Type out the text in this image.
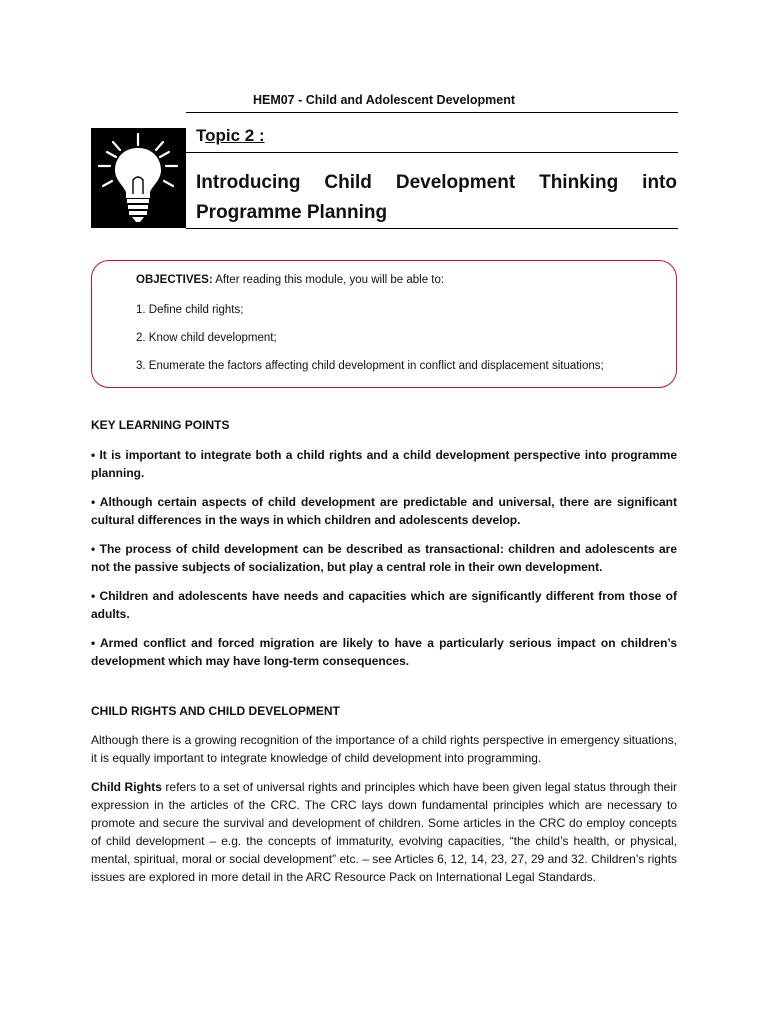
HEM07 - Child and Adolescent Development
Topic 2 :
Introducing Child Development Thinking into Programme Planning
OBJECTIVES: After reading this module, you will be able to:
1. Define child rights;
2. Know child development;
3. Enumerate the factors affecting child development in conflict and displacement situations;

KEY LEARNING POINTS

• It is important to integrate both a child rights and a child development perspective into programme planning.

• Although certain aspects of child development are predictable and universal, there are significant cultural differences in the ways in which children and adolescents develop.

• The process of child development can be described as transactional: children and adolescents are not the passive subjects of socialization, but play a central role in their own development.

• Children and adolescents have needs and capacities which are significantly different from those of adults.

• Armed conflict and forced migration are likely to have a particularly serious impact on children’s development which may have long-term consequences.

CHILD RIGHTS AND CHILD DEVELOPMENT

Although there is a growing recognition of the importance of a child rights perspective in emergency situations, it is equally important to integrate knowledge of child development into programming.

Child Rights refers to a set of universal rights and principles which have been given legal status through their expression in the articles of the CRC. The CRC lays down fundamental principles which are necessary to promote and secure the survival and development of children. Some articles in the CRC do employ concepts of child development – e.g. the concepts of immaturity, evolving capacities, “the child’s health, or physical, mental, spiritual, moral or social development” etc. – see Articles 6, 12, 14, 23, 27, 29 and 32. Children’s rights issues are explored in more detail in the ARC Resource Pack on International Legal Standards.
